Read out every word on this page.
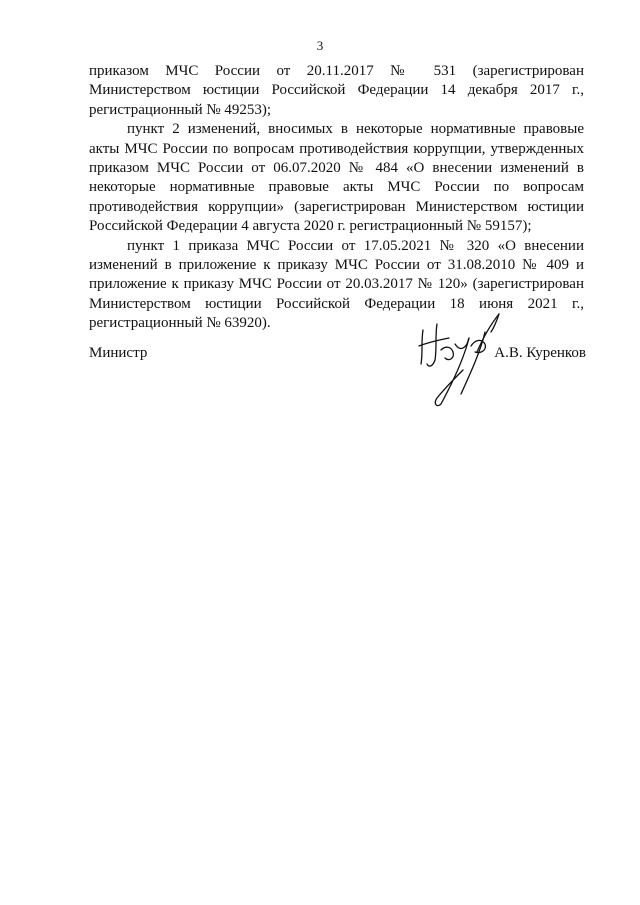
3

приказом МЧС России от 20.11.2017 № 531 (зарегистрирован Министерством юстиции Российской Федерации 14 декабря 2017 г., регистрационный № 49253);

пункт 2 изменений, вносимых в некоторые нормативные правовые акты МЧС России по вопросам противодействия коррупции, утвержденных приказом МЧС России от 06.07.2020 № 484 «О внесении изменений в некоторые нормативные правовые акты МЧС России по вопросам противодействия коррупции» (зарегистрирован Министерством юстиции Российской Федерации 4 августа 2020 г. регистрационный № 59157);

пункт 1 приказа МЧС России от 17.05.2021 № 320 «О внесении изменений в приложение к приказу МЧС России от 31.08.2010 № 409 и приложение к приказу МЧС России от 20.03.2017 № 120» (зарегистрирован Министерством юстиции Российской Федерации 18 июня 2021 г., регистрационный № 63920).

Министр	А.В. Куренков
